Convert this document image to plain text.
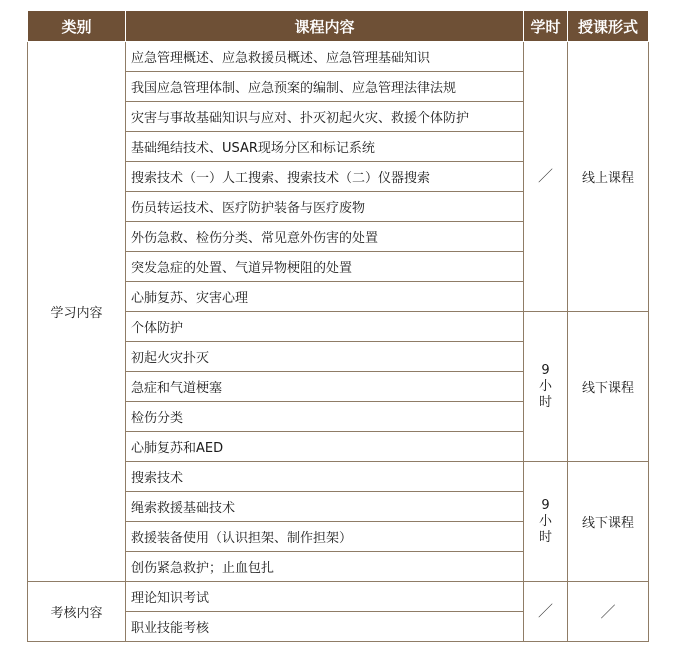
类别	课程内容	学时	授课形式
学习内容	应急管理概述、应急救援员概述、应急管理基础知识	／	线上课程
	我国应急管理体制、应急预案的编制、应急管理法律法规		
	灾害与事故基础知识与应对、扑灭初起火灾、救援个体防护		
	基础绳结技术、USAR现场分区和标记系统		
	搜索技术（一）人工搜索、搜索技术（二）仪器搜索		
	伤员转运技术、医疗防护装备与医疗废物		
	外伤急救、检伤分类、常见意外伤害的处置		
	突发急症的处置、气道异物梗阻的处置		
	心肺复苏、灾害心理		
	个体防护	9小时	线下课程
	初起火灾扑灭		
	急症和气道梗塞		
	检伤分类		
	心肺复苏和AED		
	搜索技术	9小时	线下课程
	绳索救援基础技术		
	救援装备使用（认识担架、制作担架）		
	创伤紧急救护；止血包扎		
考核内容	理论知识考试	／	／
	职业技能考核		
